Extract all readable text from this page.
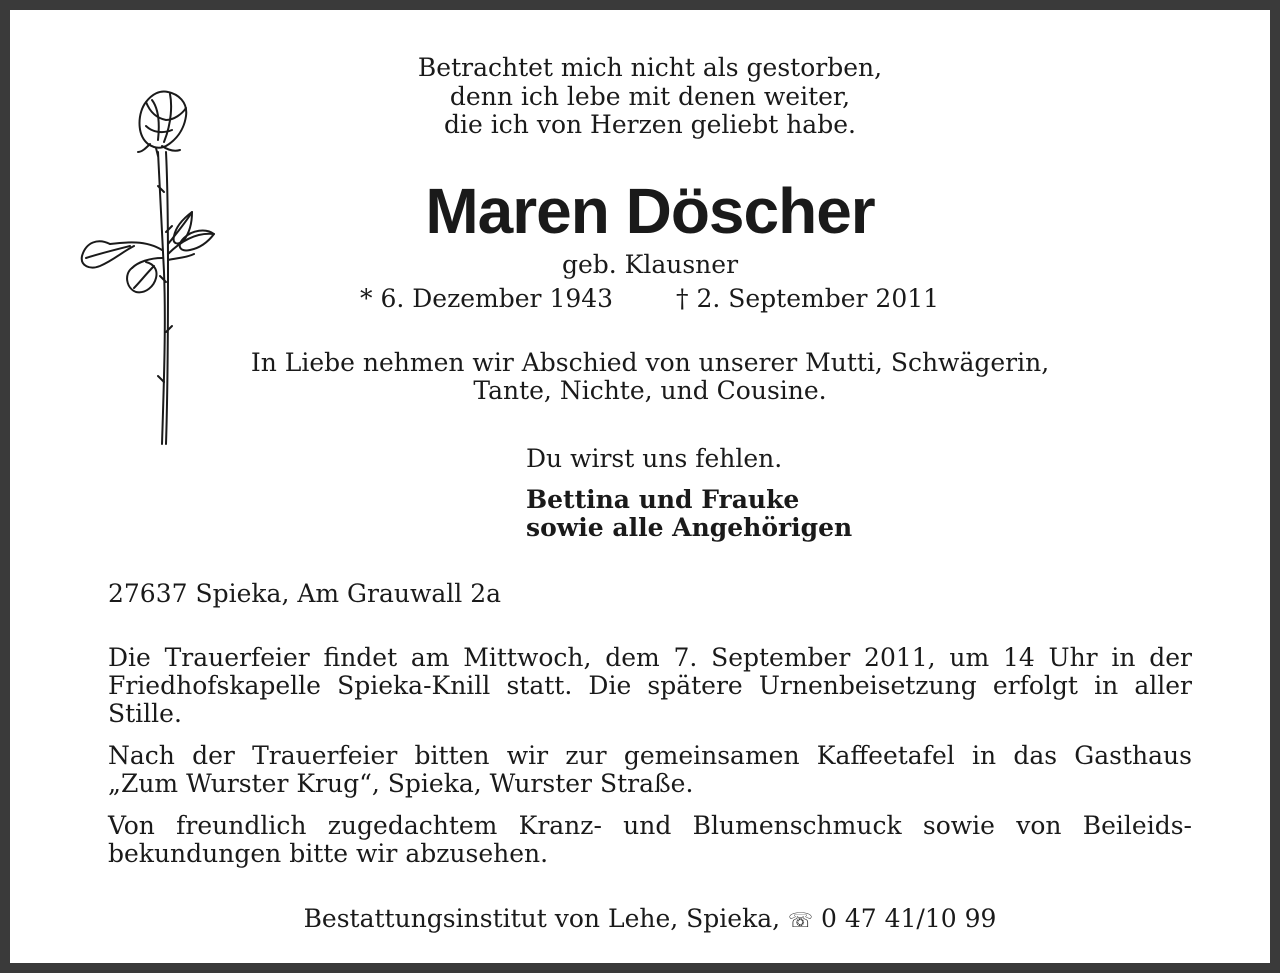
Betrachtet mich nicht als gestorben,
denn ich lebe mit denen weiter,
die ich von Herzen geliebt habe.
Maren Döscher
geb. Klausner
* 6. Dezember 1943	† 2. September 2011
In Liebe nehmen wir Abschied von unserer Mutti, Schwägerin,
Tante, Nichte, und Cousine.
Du wirst uns fehlen.
Bettina und Frauke
sowie alle Angehörigen
27637 Spieka, Am Grauwall 2a
Die Trauerfeier findet am Mittwoch, dem 7. September 2011, um 14 Uhr in der
Friedhofskapelle Spieka-Knill statt. Die spätere Urnenbeisetzung erfolgt in aller
Stille.
Nach der Trauerfeier bitten wir zur gemeinsamen Kaffeetafel in das Gasthaus
„Zum Wurster Krug“, Spieka, Wurster Straße.
Von freundlich zugedachtem Kranz- und Blumenschmuck sowie von Beileids-
bekundungen bitte wir abzusehen.
Bestattungsinstitut von Lehe, Spieka, ☏ 0 47 41/10 99
